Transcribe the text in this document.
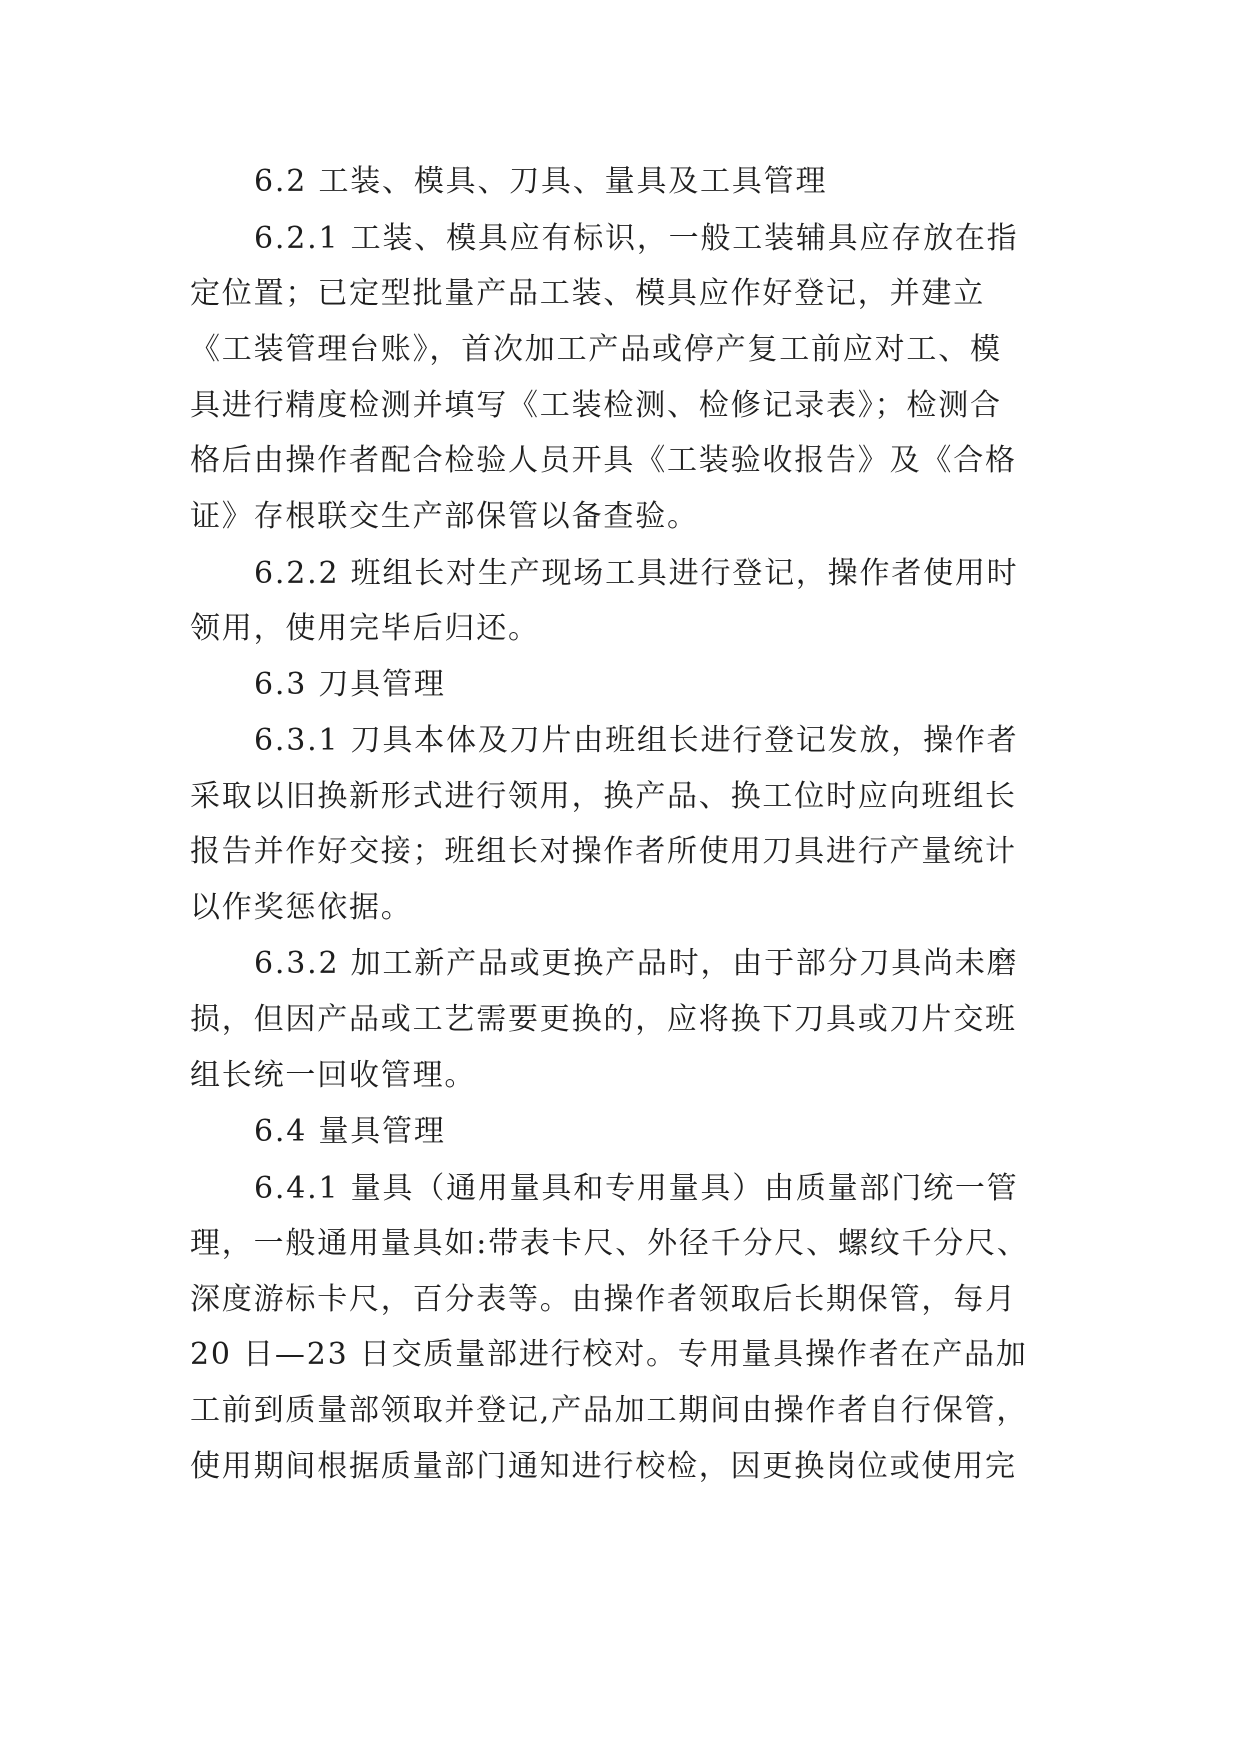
6.2 工装、模具、刀具、量具及工具管理
6.2.1 工装、模具应有标识，一般工装辅具应存放在指
定位置；已定型批量产品工装、模具应作好登记，并建立
《工装管理台账》，首次加工产品或停产复工前应对工、模
具进行精度检测并填写《工装检测、检修记录表》；检测合
格后由操作者配合检验人员开具《工装验收报告》及《合格
证》存根联交生产部保管以备查验。
6.2.2 班组长对生产现场工具进行登记，操作者使用时
领用，使用完毕后归还。
6.3 刀具管理
6.3.1 刀具本体及刀片由班组长进行登记发放，操作者
采取以旧换新形式进行领用，换产品、换工位时应向班组长
报告并作好交接；班组长对操作者所使用刀具进行产量统计
以作奖惩依据。
6.3.2 加工新产品或更换产品时，由于部分刀具尚未磨
损，但因产品或工艺需要更换的，应将换下刀具或刀片交班
组长统一回收管理。
6.4 量具管理
6.4.1 量具（通用量具和专用量具）由质量部门统一管
理，一般通用量具如:带表卡尺、外径千分尺、螺纹千分尺、
深度游标卡尺，百分表等。由操作者领取后长期保管，每月
20 日—23 日交质量部进行校对。专用量具操作者在产品加
工前到质量部领取并登记,产品加工期间由操作者自行保管，
使用期间根据质量部门通知进行校检，因更换岗位或使用完
